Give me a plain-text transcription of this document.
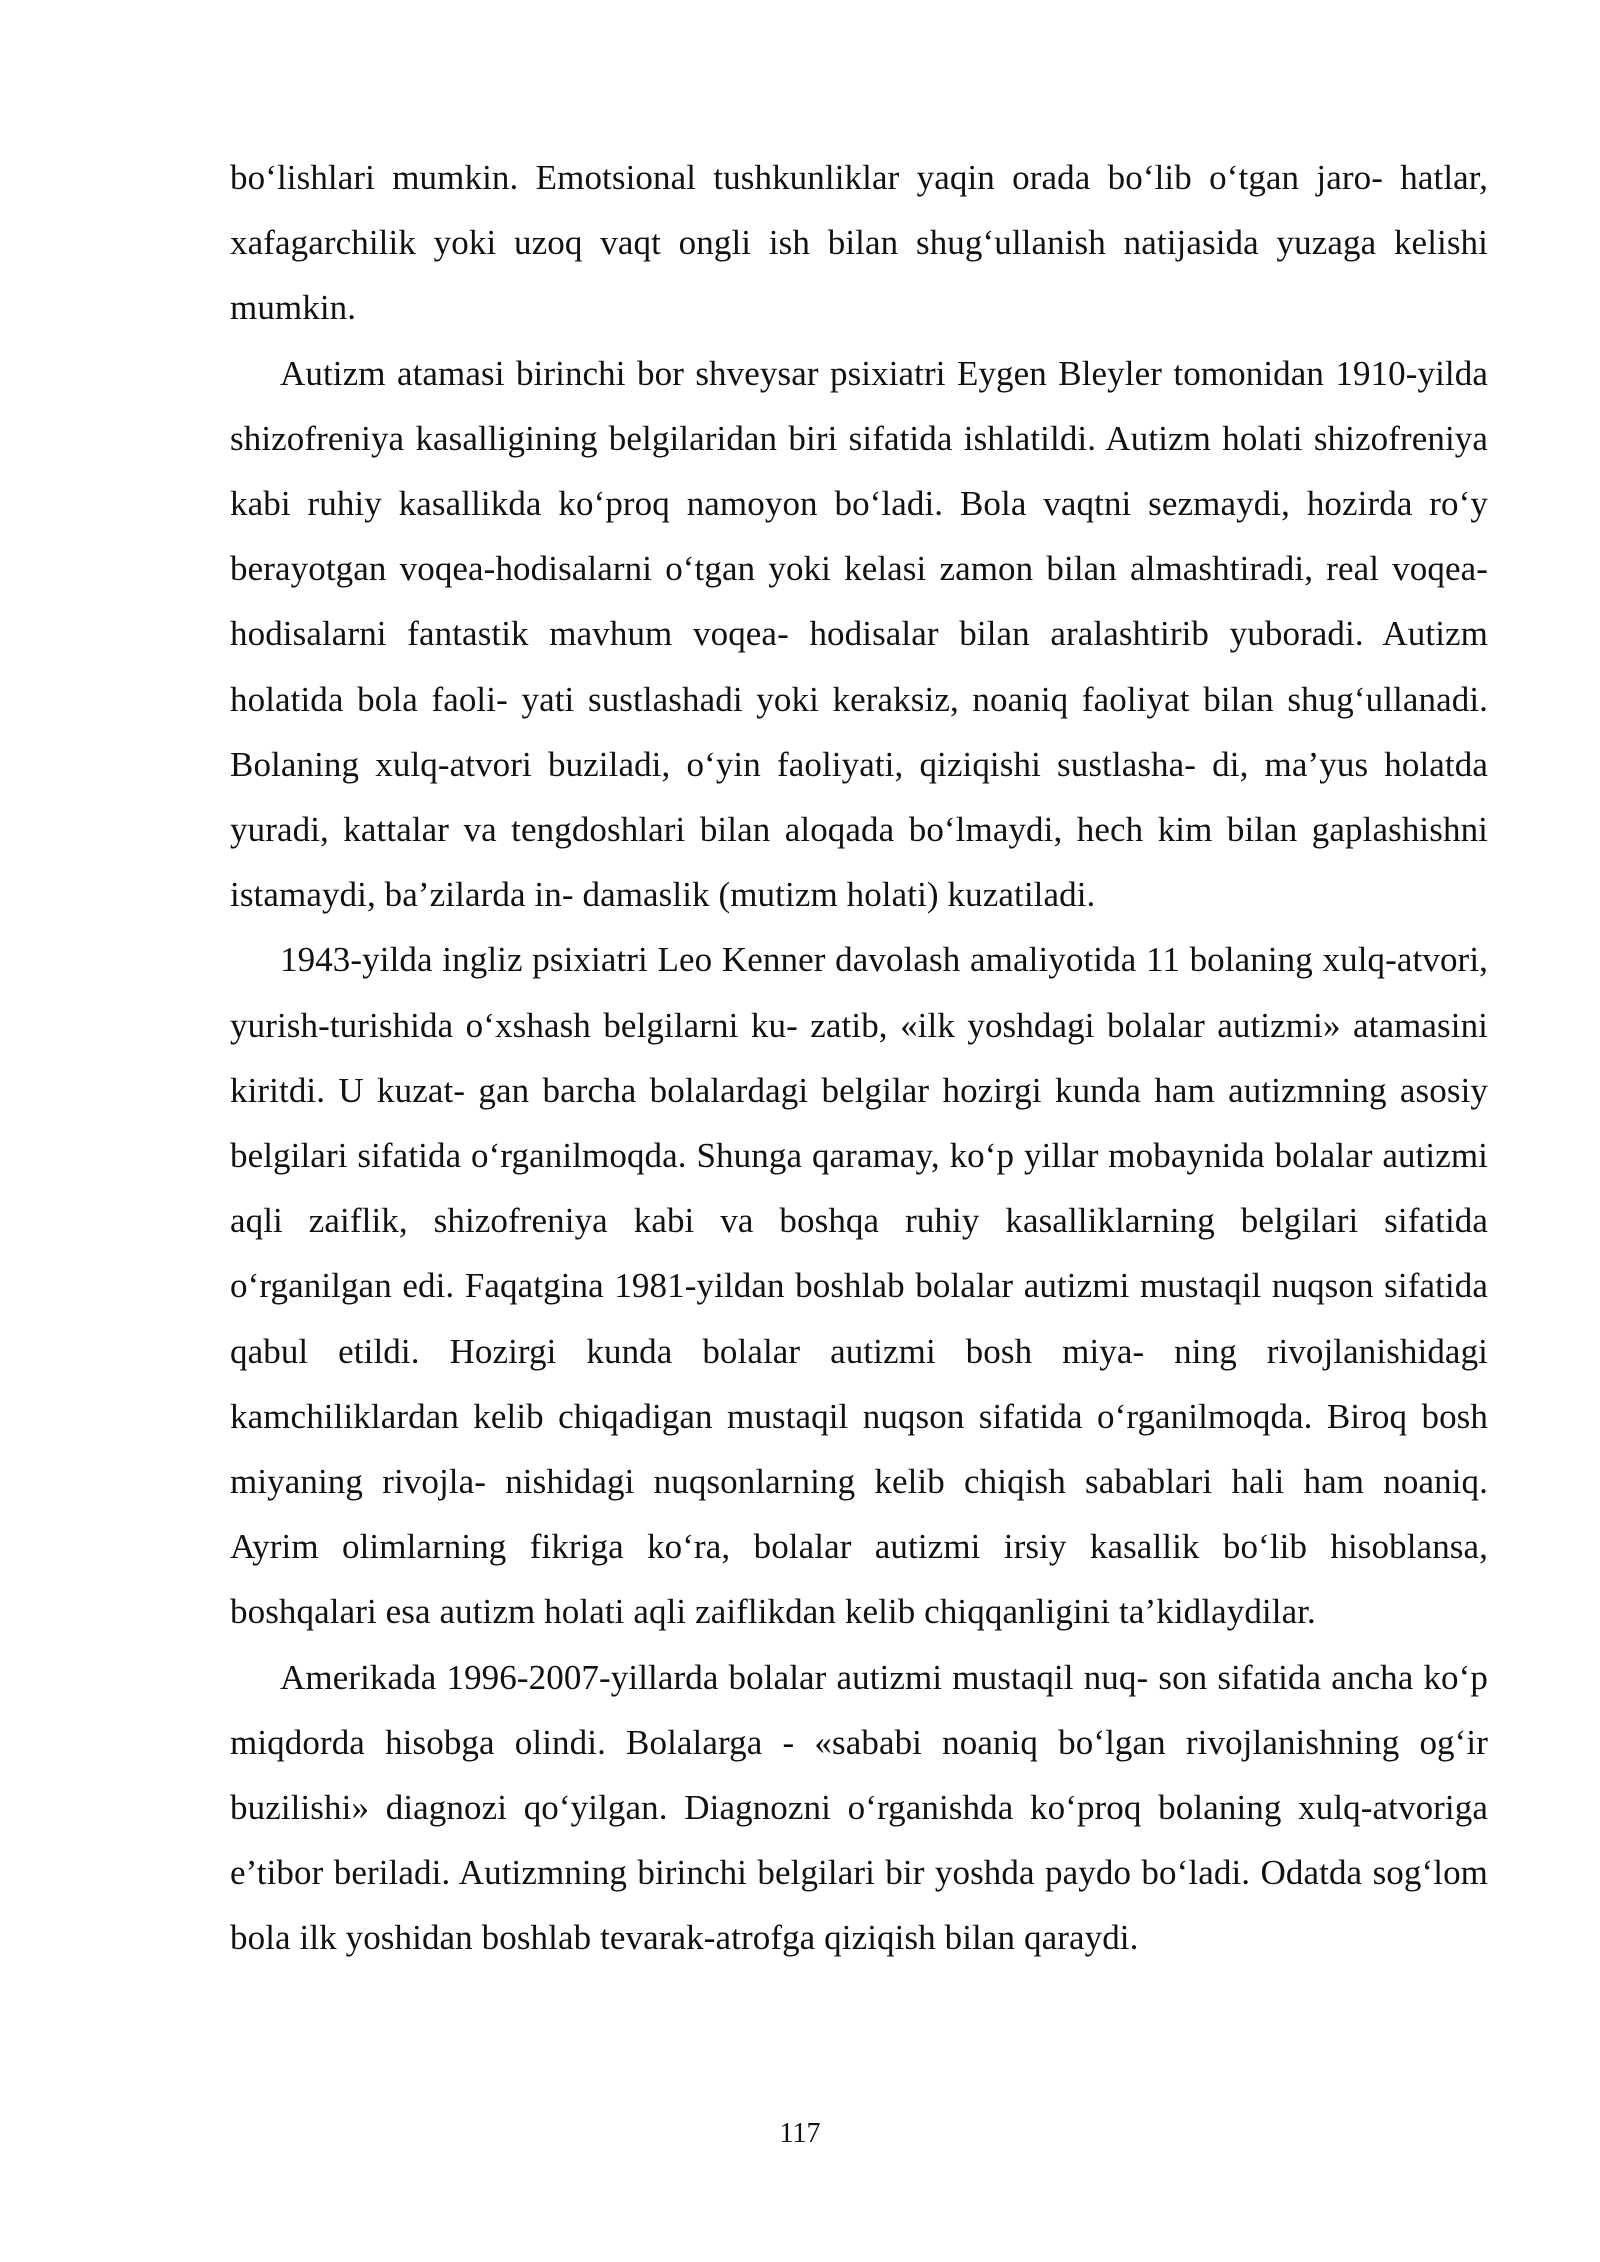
bo‘lishlari mumkin. Emotsional tushkunliklar yaqin orada bo‘lib o‘tgan jaro- hatlar, xafagarchilik yoki uzoq vaqt ongli ish bilan shug‘ullanish natijasida yuzaga kelishi mumkin.

Autizm atamasi birinchi bor shveysar psixiatri Eygen Bleyler tomonidan 1910-yilda shizofreniya kasalligining belgilaridan biri sifatida ishlatildi. Autizm holati shizofreniya kabi ruhiy kasallikda ko‘proq namoyon bo‘ladi. Bola vaqtni sezmaydi, hozirda ro‘y berayotgan voqea-hodisalarni o‘tgan yoki kelasi zamon bilan almashtiradi, real voqea-hodisalarni fantastik mavhum voqea- hodisalar bilan aralashtirib yuboradi. Autizm holatida bola faoli- yati sustlashadi yoki keraksiz, noaniq faoliyat bilan shug‘ullanadi. Bolaning xulq-atvori buziladi, o‘yin faoliyati, qiziqishi sustlasha- di, ma’yus holatda yuradi, kattalar va tengdoshlari bilan aloqada bo‘lmaydi, hech kim bilan gaplashishni istamaydi, ba’zilarda in- damaslik (mutizm holati) kuzatiladi.

1943-yilda ingliz psixiatri Leo Kenner davolash amaliyotida 11 bolaning xulq-atvori, yurish-turishida o‘xshash belgilarni ku- zatib, «ilk yoshdagi bolalar autizmi» atamasini kiritdi. U kuzat- gan barcha bolalardagi belgilar hozirgi kunda ham autizmning asosiy belgilari sifatida o‘rganilmoqda. Shunga qaramay, ko‘p yillar mobaynida bolalar autizmi aqli zaiflik, shizofreniya kabi va boshqa ruhiy kasalliklarning belgilari sifatida o‘rganilgan edi. Faqatgina 1981-yildan boshlab bolalar autizmi mustaqil nuqson sifatida qabul etildi. Hozirgi kunda bolalar autizmi bosh miya- ning rivojlanishidagi kamchiliklardan kelib chiqadigan mustaqil nuqson sifatida o‘rganilmoqda. Biroq bosh miyaning rivojla- nishidagi nuqsonlarning kelib chiqish sabablari hali ham noaniq. Ayrim olimlarning fikriga ko‘ra, bolalar autizmi irsiy kasallik bo‘lib hisoblansa, boshqalari esa autizm holati aqli zaiflikdan kelib chiqqanligini ta’kidlaydilar.

Amerikada 1996-2007-yillarda bolalar autizmi mustaqil nuq- son sifatida ancha ko‘p miqdorda hisobga olindi. Bolalarga - «sababi noaniq bo‘lgan rivojlanishning og‘ir buzilishi» diagnozi qo‘yilgan. Diagnozni o‘rganishda ko‘proq bolaning xulq-atvoriga e’tibor beriladi. Autizmning birinchi belgilari bir yoshda paydo bo‘ladi. Odatda sog‘lom bola ilk yoshidan boshlab tevarak-atrofga qiziqish bilan qaraydi.

117
